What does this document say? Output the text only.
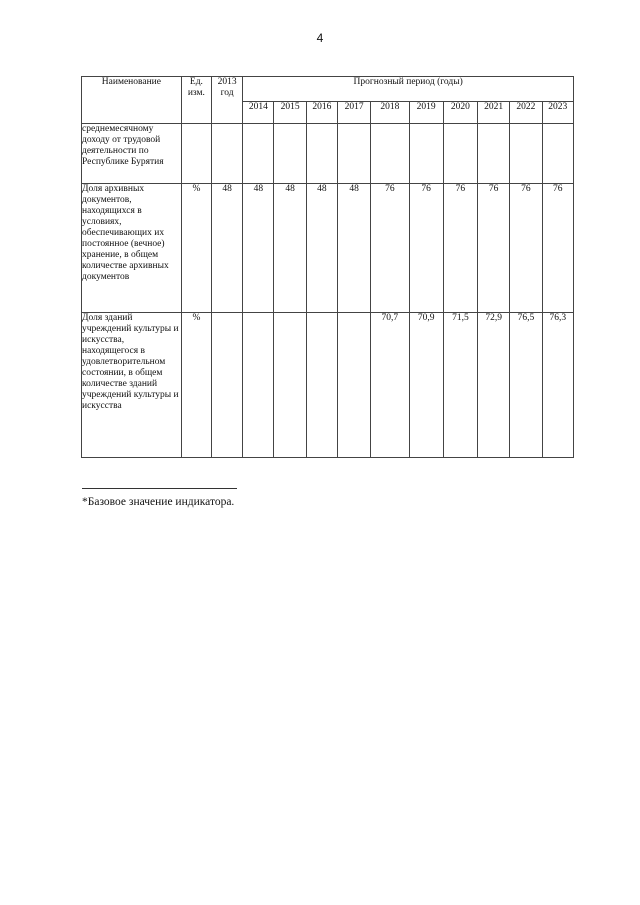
4
Наименование	Ед. изм.	2013 год	Прогнозный период (годы)									
			2014	2015	2016	2017	2018	2019	2020	2021	2022	2023
среднемесячному доходу от трудовой деятельности по Республике Бурятия												
Доля архивных документов, находящихся в условиях, обеспечивающих их постоянное (вечное) хранение, в общем количестве архивных документов	%	48	48	48	48	48	76	76	76	76	76	76
Доля зданий учреждений культуры и искусства, находящегося в удовлетворительном состоянии, в общем количестве зданий учреждений культуры и искусства	%						70,7	70,9	71,5	72,9	76,5	76,3
*Базовое значение индикатора.
